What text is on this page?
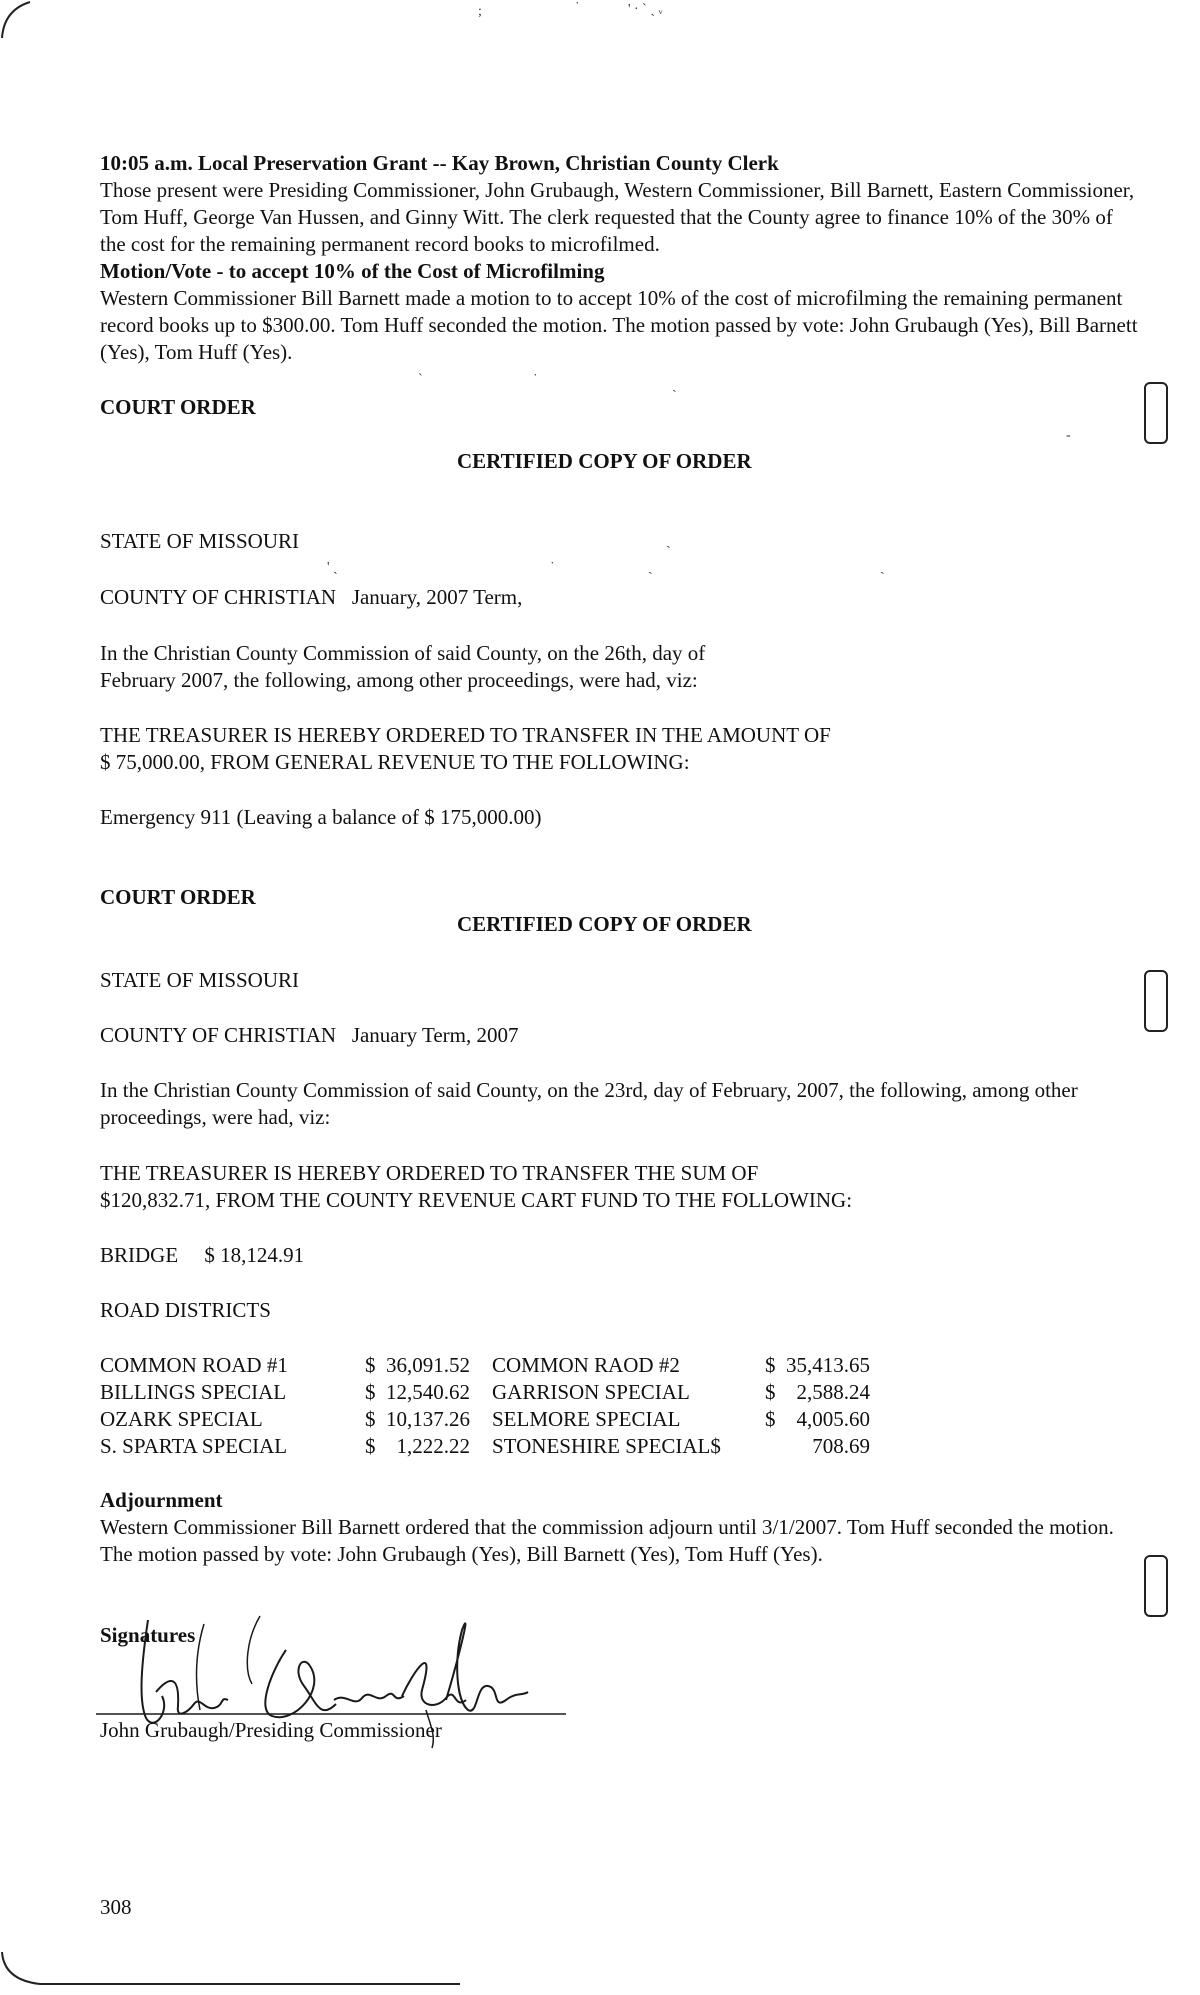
;	˙	' · ˋ ˎ ᵥ
ˋ	˙	ˎ
ˎ
' ˎ	˙	ˏ	ˎ
-
10:05 a.m. Local Preservation Grant -- Kay Brown, Christian County Clerk
Those present were Presiding Commissioner, John Grubaugh, Western Commissioner, Bill Barnett, Eastern Commissioner, Tom Huff, George Van Hussen, and Ginny Witt. The clerk requested that the County agree to finance 10% of the 30% of the cost for the remaining permanent record books to microfilmed.
Motion/Vote - to accept 10% of the Cost of Microfilming
Western Commissioner Bill Barnett made a motion to to accept 10% of the cost of microfilming the remaining permanent record books up to $300.00. Tom Huff seconded the motion. The motion passed by vote: John Grubaugh (Yes), Bill Barnett (Yes), Tom Huff (Yes).
COURT ORDER
CERTIFIED COPY OF ORDER
STATE OF MISSOURI
COUNTY OF CHRISTIAN   January, 2007 Term,
In the Christian County Commission of said County, on the 26th, day of
February 2007, the following, among other proceedings, were had, viz:
THE TREASURER IS HEREBY ORDERED TO TRANSFER IN THE AMOUNT OF
$ 75,000.00, FROM GENERAL REVENUE TO THE FOLLOWING:
Emergency 911 (Leaving a balance of $ 175,000.00)
COURT ORDER
CERTIFIED COPY OF ORDER
STATE OF MISSOURI
COUNTY OF CHRISTIAN   January Term, 2007
In the Christian County Commission of said County, on the 23rd, day of February, 2007, the following, among other proceedings, were had, viz:
THE TREASURER IS HEREBY ORDERED TO TRANSFER THE SUM OF
$120,832.71, FROM THE COUNTY REVENUE CART FUND TO THE FOLLOWING:
BRIDGE     $ 18,124.91
ROAD DISTRICTS
COMMON ROAD #1	$  36,091.52	COMMON RAOD #2	$  35,413.65
BILLINGS SPECIAL	$  12,540.62	GARRISON SPECIAL	$    2,588.24
OZARK SPECIAL	$  10,137.26	SELMORE SPECIAL	$    4,005.60
S. SPARTA SPECIAL	$    1,222.22	STONESHIRE SPECIAL$	708.69
Adjournment
Western Commissioner Bill Barnett ordered that the commission adjourn until 3/1/2007. Tom Huff seconded the motion. The motion passed by vote: John Grubaugh (Yes), Bill Barnett (Yes), Tom Huff (Yes).
Signatures
John Grubaugh/Presiding Commissioner
308
